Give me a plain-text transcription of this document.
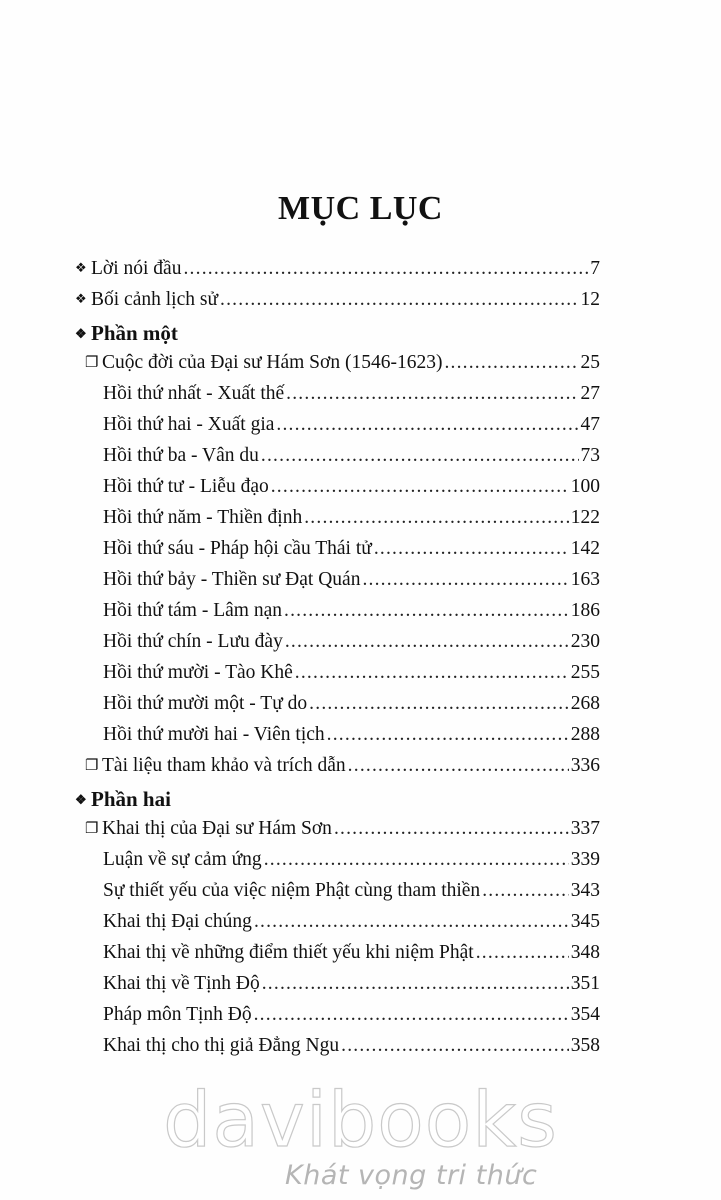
MỤC LỤC
❖ Lời nói đầu .....	7
❖ Bối cảnh lịch sử .....	12
❖ Phần một
❐ Cuộc đời của Đại sư Hám Sơn (1546-1623) .....	25
Hồi thứ nhất - Xuất thế .....	27
Hồi thứ hai - Xuất gia .....	47
Hồi thứ ba - Vân du .....	73
Hồi thứ tư - Liễu đạo .....	100
Hồi thứ năm - Thiền định .....	122
Hồi thứ sáu - Pháp hội cầu Thái tử .....	142
Hồi thứ bảy - Thiền sư Đạt Quán .....	163
Hồi thứ tám - Lâm nạn .....	186
Hồi thứ chín - Lưu đày .....	230
Hồi thứ mười - Tào Khê .....	255
Hồi thứ mười một - Tự do .....	268
Hồi thứ mười hai - Viên tịch .....	288
❐ Tài liệu tham khảo và trích dẫn .....	336
❖ Phần hai
❐ Khai thị của Đại sư Hám Sơn .....	337
Luận về sự cảm ứng .....	339
Sự thiết yếu của việc niệm Phật cùng tham thiền .....	343
Khai thị Đại chúng .....	345
Khai thị về những điểm thiết yếu khi niệm Phật .....	348
Khai thị về Tịnh Độ .....	351
Pháp môn Tịnh Độ .....	354
Khai thị cho thị giả Đẳng Ngu .....	358
davibooks
Khát vọng tri thức
